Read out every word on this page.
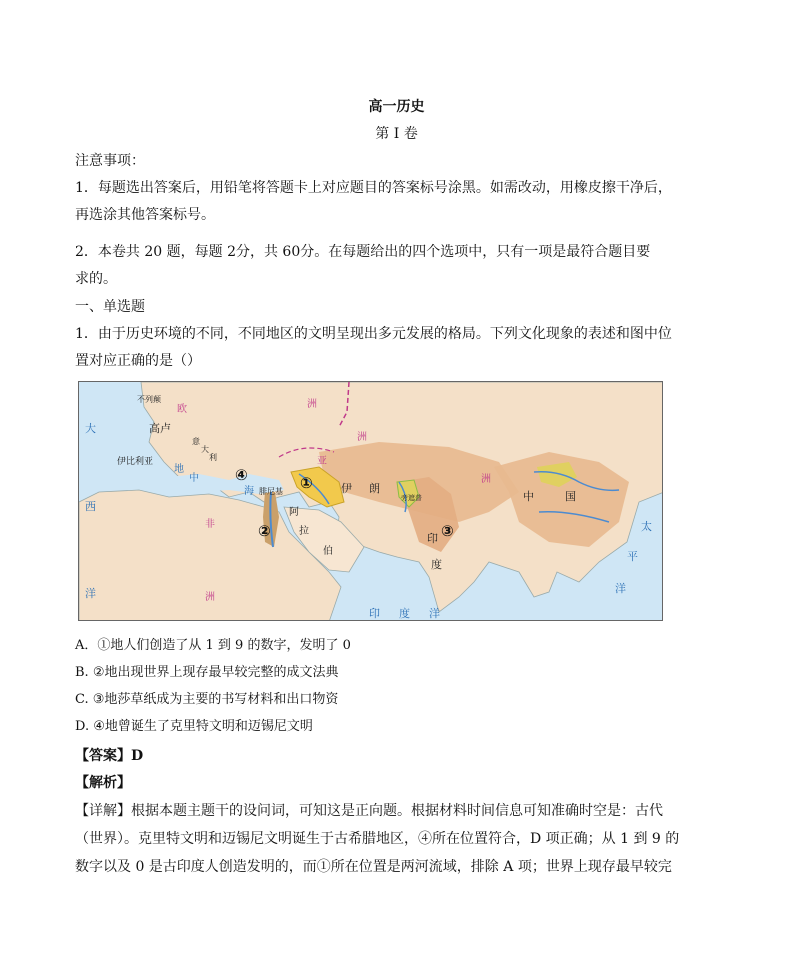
高一历史
第 I 卷
注意事项：
1．每题选出答案后，用铅笔将答题卡上对应题目的答案标号涂黑。如需改动，用橡皮擦干净后，
再选涂其他答案标号。
2．本卷共 20 题，每题 2分，共 60分。在每题给出的四个选项中，只有一项是最符合题目要
求的。
一、单选题
1．由于历史环境的不同，不同地区的文明呈现出多元发展的格局。下列文化现象的表述和图中位
置对应正确的是（）
不列颠
欧	洲
高卢
意
大
利
伊比利亚
地
中
海 腓尼基
亚
洲
伊 朗
阿
拉
伯
非
洲
印
度
旁遮普	中	国
洲
大
西
洋
太
平
洋
印 度 洋
①
②	③
④
A．①地人们创造了从 1 到 9 的数字，发明了 0
B. ②地出现世界上现存最早较完整的成文法典
C. ③地莎草纸成为主要的书写材料和出口物资
D. ④地曾诞生了克里特文明和迈锡尼文明
【答案】D
【解析】
【详解】根据本题主题干的设问词，可知这是正向题。根据材料时间信息可知准确时空是：古代
（世界）。克里特文明和迈锡尼文明诞生于古希腊地区，④所在位置符合，D 项正确；从 1 到 9 的
数字以及 0 是古印度人创造发明的，而①所在位置是两河流域，排除 A 项；世界上现存最早较完
